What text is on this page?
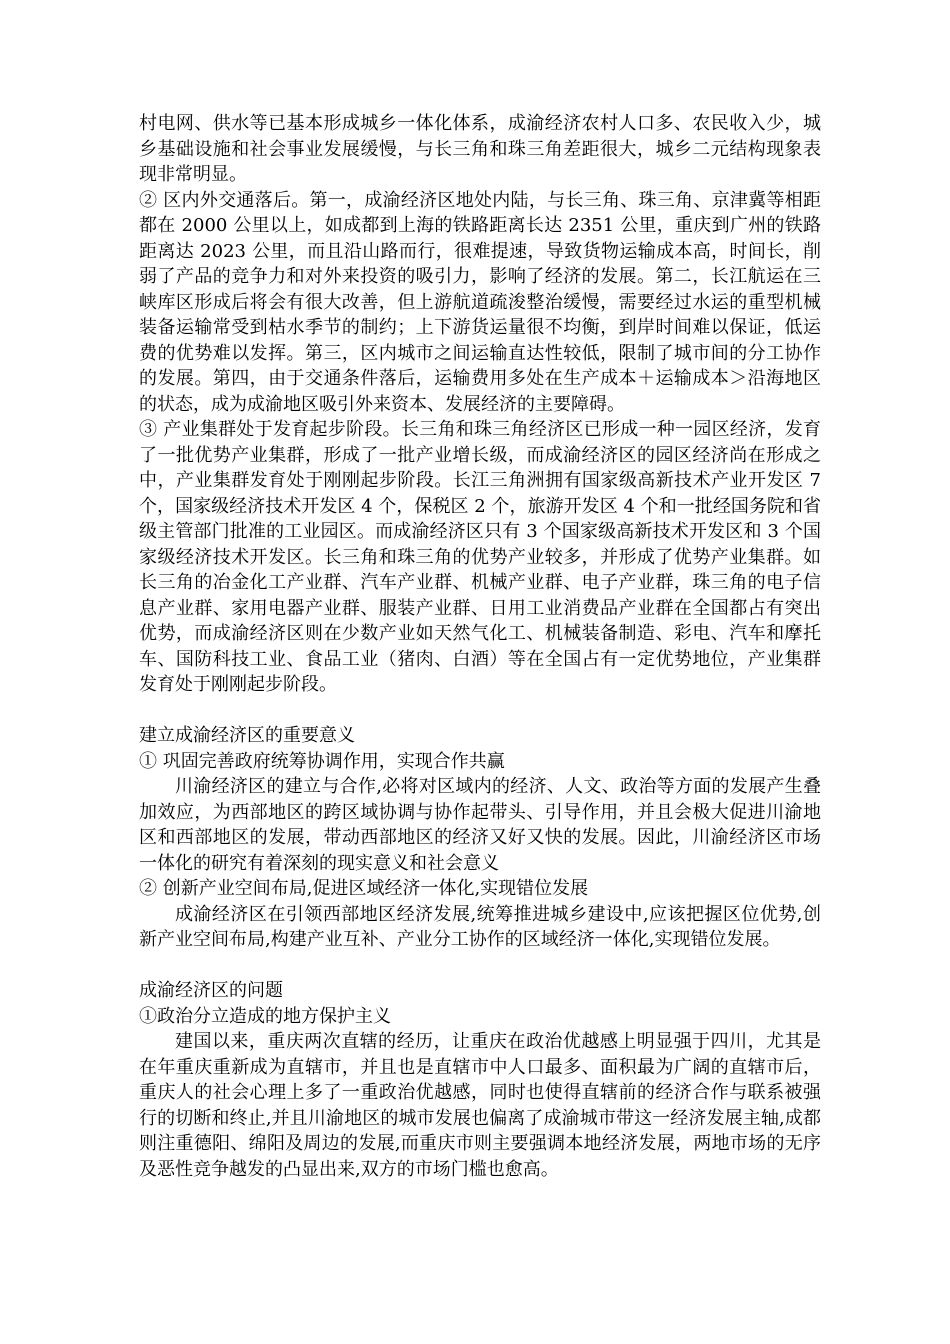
村电网、供水等已基本形成城乡一体化体系，成渝经济农村人口多、农民收入少，城乡基础设施和社会事业发展缓慢，与长三角和珠三角差距很大，城乡二元结构现象表现非常明显。

② 区内外交通落后。第一，成渝经济区地处内陆，与长三角、珠三角、京津冀等相距都在 2000 公里以上，如成都到上海的铁路距离长达 2351 公里，重庆到广州的铁路距离达 2023 公里，而且沿山路而行，很难提速，导致货物运输成本高，时间长，削弱了产品的竞争力和对外来投资的吸引力，影响了经济的发展。第二，长江航运在三峡库区形成后将会有很大改善，但上游航道疏浚整治缓慢，需要经过水运的重型机械装备运输常受到枯水季节的制约；上下游货运量很不均衡，到岸时间难以保证，低运费的优势难以发挥。第三，区内城市之间运输直达性较低，限制了城市间的分工协作的发展。第四，由于交通条件落后，运输费用多处在生产成本＋运输成本＞沿海地区的状态，成为成渝地区吸引外来资本、发展经济的主要障碍。

③ 产业集群处于发育起步阶段。长三角和珠三角经济区已形成一种一园区经济，发育了一批优势产业集群，形成了一批产业增长级，而成渝经济区的园区经济尚在形成之中，产业集群发育处于刚刚起步阶段。长江三角洲拥有国家级高新技术产业开发区 7 个，国家级经济技术开发区 4 个，保税区 2 个，旅游开发区 4 个和一批经国务院和省级主管部门批准的工业园区。而成渝经济区只有 3 个国家级高新技术开发区和 3 个国家级经济技术开发区。长三角和珠三角的优势产业较多，并形成了优势产业集群。如长三角的冶金化工产业群、汽车产业群、机械产业群、电子产业群，珠三角的电子信息产业群、家用电器产业群、服装产业群、日用工业消费品产业群在全国都占有突出优势，而成渝经济区则在少数产业如天然气化工、机械装备制造、彩电、汽车和摩托车、国防科技工业、食品工业（猪肉、白酒）等在全国占有一定优势地位，产业集群发育处于刚刚起步阶段。

建立成渝经济区的重要意义

① 巩固完善政府统筹协调作用，实现合作共赢

川渝经济区的建立与合作,必将对区域内的经济、人文、政治等方面的发展产生叠加效应，为西部地区的跨区域协调与协作起带头、引导作用，并且会极大促进川渝地区和西部地区的发展，带动西部地区的经济又好又快的发展。因此，川渝经济区市场一体化的研究有着深刻的现实意义和社会意义

② 创新产业空间布局,促进区域经济一体化,实现错位发展

成渝经济区在引领西部地区经济发展,统筹推进城乡建设中,应该把握区位优势,创新产业空间布局,构建产业互补、产业分工协作的区域经济一体化,实现错位发展。

成渝经济区的问题

①政治分立造成的地方保护主义

建国以来，重庆两次直辖的经历，让重庆在政治优越感上明显强于四川，尤其是在年重庆重新成为直辖市，并且也是直辖市中人口最多、面积最为广阔的直辖市后，重庆人的社会心理上多了一重政治优越感，同时也使得直辖前的经济合作与联系被强行的切断和终止,并且川渝地区的城市发展也偏离了成渝城市带这一经济发展主轴,成都则注重德阳、绵阳及周边的发展,而重庆市则主要强调本地经济发展，两地市场的无序及恶性竞争越发的凸显出来,双方的市场门槛也愈高。
